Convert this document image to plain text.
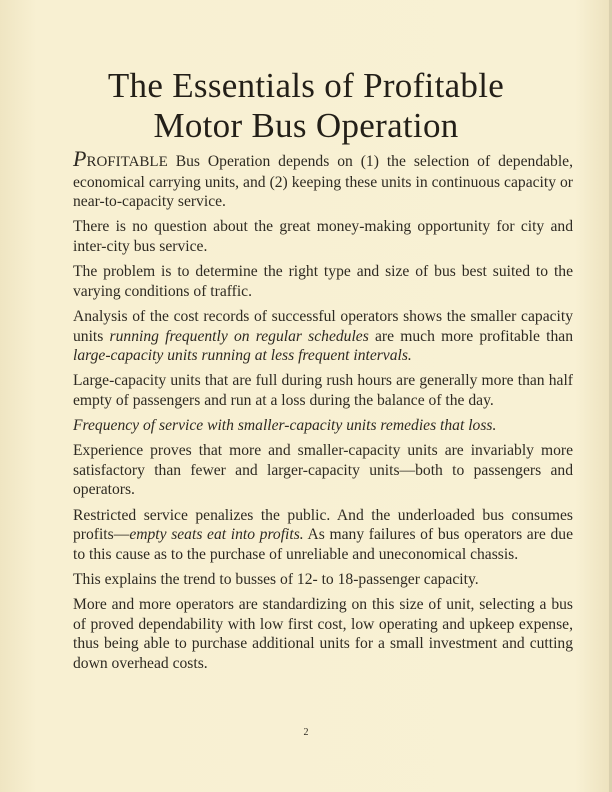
The Essentials of Profitable
Motor Bus Operation

PROFITABLE Bus Operation depends on (1) the selection of dependable, economical carrying units, and (2) keeping these units in continuous capacity or near-to-capacity service.

There is no question about the great money-making opportunity for city and inter-city bus service.

The problem is to determine the right type and size of bus best suited to the varying conditions of traffic.

Analysis of the cost records of successful operators shows the smaller capacity units running frequently on regular schedules are much more profitable than large-capacity units running at less frequent intervals.

Large-capacity units that are full during rush hours are generally more than half empty of passengers and run at a loss during the balance of the day.

Frequency of service with smaller-capacity units remedies that loss.

Experience proves that more and smaller-capacity units are invariably more satisfactory than fewer and larger-capacity units—both to passengers and operators.

Restricted service penalizes the public. And the underloaded bus consumes profits—empty seats eat into profits. As many failures of bus operators are due to this cause as to the purchase of unreliable and uneconomical chassis.

This explains the trend to busses of 12- to 18-passenger capacity.

More and more operators are standardizing on this size of unit, selecting a bus of proved dependability with low first cost, low operating and upkeep expense, thus being able to purchase additional units for a small investment and cutting down overhead costs.

2
